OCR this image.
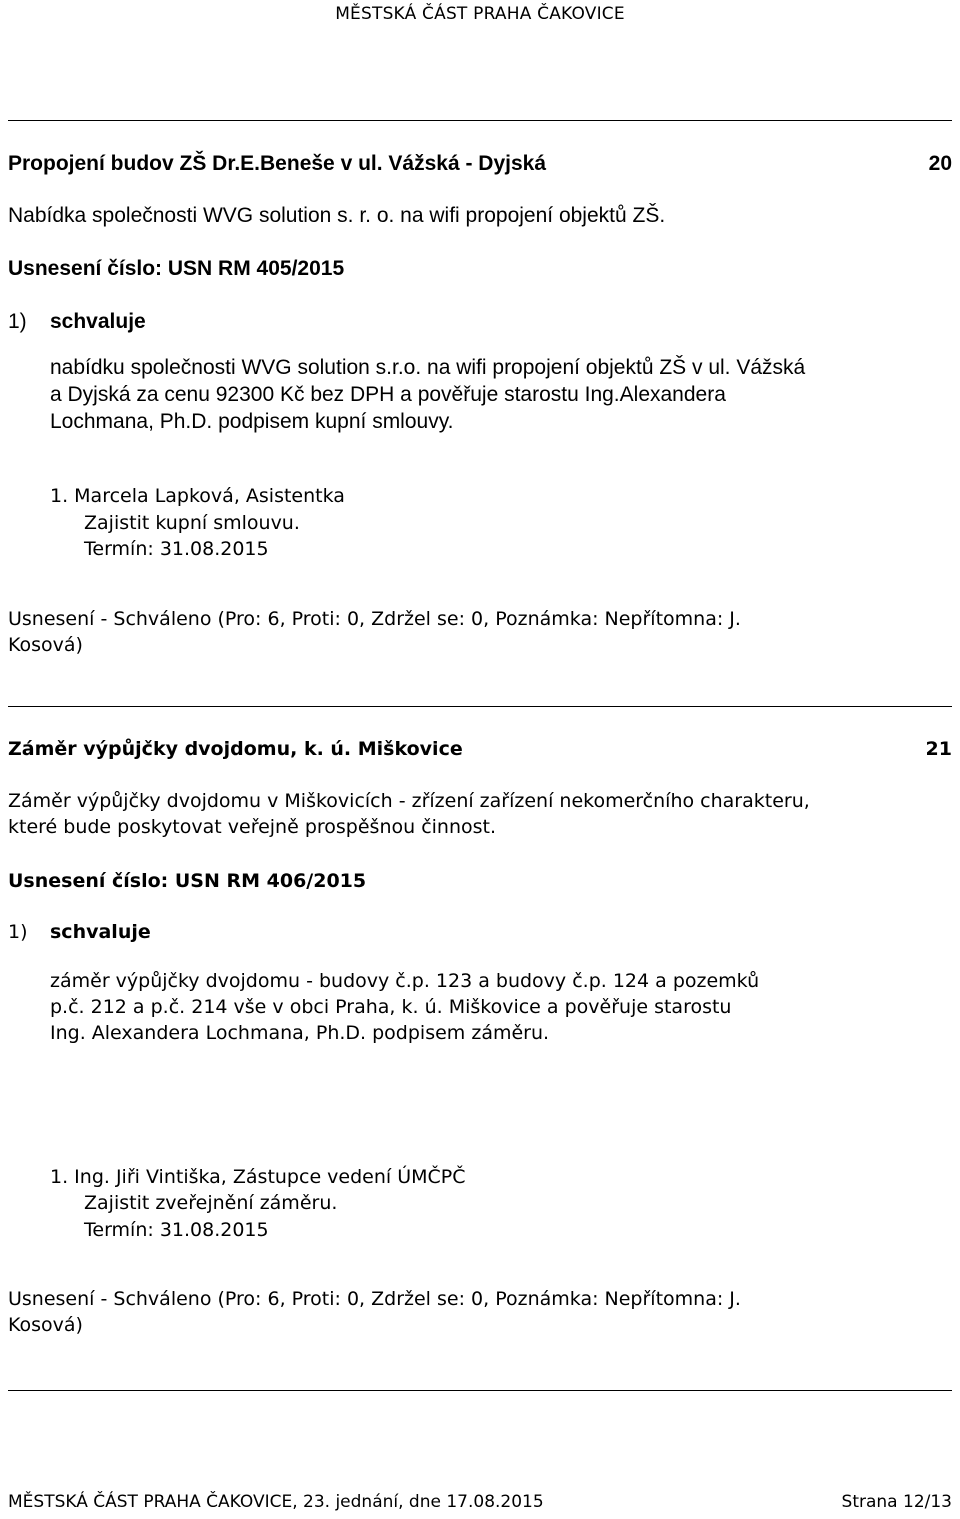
MĚSTSKÁ ČÁST PRAHA ČAKOVICE
Propojení budov ZŠ Dr.E.Beneše v ul. Vážská - Dyjská	20
Nabídka společnosti WVG solution s. r. o. na wifi propojení objektů ZŠ.
Usnesení číslo: USN RM 405/2015
1) schvaluje
nabídku společnosti WVG solution s.r.o. na wifi propojení objektů ZŠ v ul. Vážská
a Dyjská za cenu 92300 Kč bez DPH a pověřuje starostu Ing.Alexandera
Lochmana, Ph.D. podpisem kupní smlouvy.
1. Marcela Lapková, Asistentka
Zajistit kupní smlouvu.
Termín: 31.08.2015
Usnesení - Schváleno (Pro: 6, Proti: 0, Zdržel se: 0, Poznámka: Nepřítomna: J.
Kosová)
Záměr výpůjčky dvojdomu, k. ú. Miškovice	21
Záměr výpůjčky dvojdomu v Miškovicích - zřízení zařízení nekomerčního charakteru,
které bude poskytovat veřejně prospěšnou činnost.
Usnesení číslo: USN RM 406/2015
1) schvaluje
záměr výpůjčky dvojdomu - budovy č.p. 123 a budovy č.p. 124 a pozemků
p.č. 212 a p.č. 214 vše v obci Praha, k. ú. Miškovice a pověřuje starostu
Ing. Alexandera Lochmana, Ph.D. podpisem záměru.
1. Ing. Jiři Vintiška, Zástupce vedení ÚMČPČ
Zajistit zveřejnění záměru.
Termín: 31.08.2015
Usnesení - Schváleno (Pro: 6, Proti: 0, Zdržel se: 0, Poznámka: Nepřítomna: J.
Kosová)
MĚSTSKÁ ČÁST PRAHA ČAKOVICE, 23. jednání, dne 17.08.2015	Strana 12/13
